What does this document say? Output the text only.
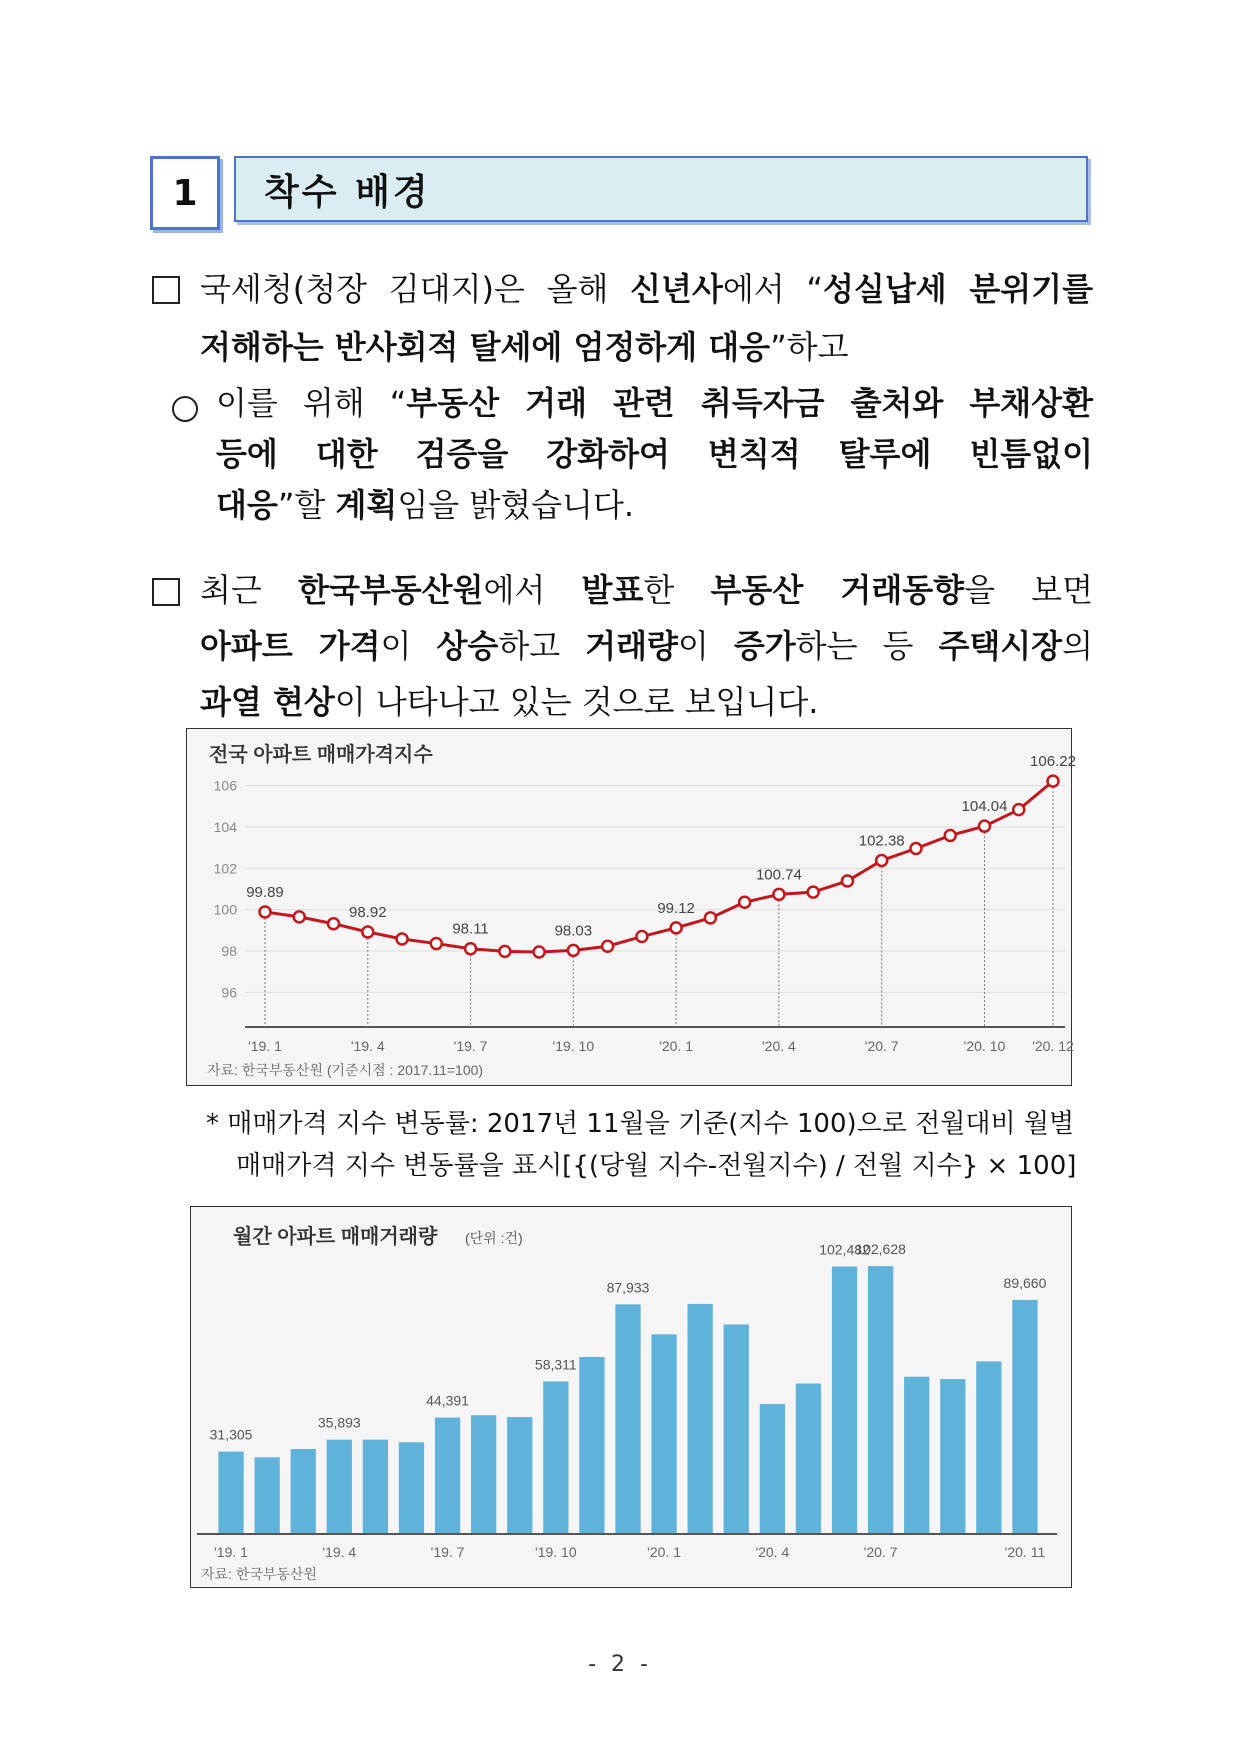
1	착수 배경
국세청(청장 김대지)은 올해 신년사에서 “성실납세 분위기를
저해하는 반사회적 탈세에 엄정하게 대응”하고
이를 위해 “부동산 거래 관련 취득자금 출처와 부채상환
등에 대한 검증을 강화하여 변칙적 탈루에 빈틈없이
대응”할 계획임을 밝혔습니다.
최근 한국부동산원에서 발표한 부동산 거래동향을 보면
아파트 가격이 상승하고 거래량이 증가하는 등 주택시장의
과열 현상이 나타나고 있는 것으로 보입니다.
전국 아파트 매매가격지수
96
98
100
102
104
106
'19. 1	'19. 4	'19. 7	'19. 10	'20. 1	'20. 4	'20. 7	'20. 10 '20. 12
99.89
98.92
98.11	98.03
99.12
100.74
102.38
104.04
106.22
자료: 한국부동산원 (기준시점 : 2017.11=100)
* 매매가격 지수 변동률: 2017년 11월을 기준(지수 100)으로 전월대비 월별
매매가격 지수 변동률을 표시[{(당월 지수-전월지수) / 전월 지수} × 100]
월간 아파트 매매거래량 (단위 :건)
'19. 1	'19. 4	'19. 7	'19. 10	'20. 1	'20. 4	'20. 7	'20. 11
31,305
35,893
44,391
58,311
87,933
102,482
102,628
89,660
자료: 한국부동산원
- 2 -
